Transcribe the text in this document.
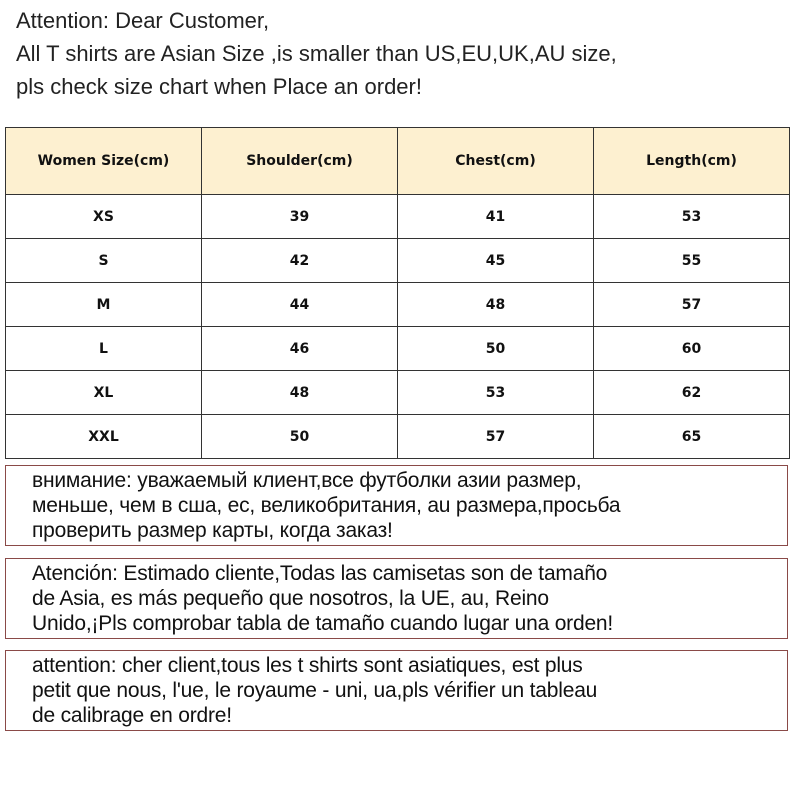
Attention: Dear Customer,
All T shirts are Asian Size ,is smaller than US,EU,UK,AU size,
pls check size chart when Place an order!
Women Size(cm)	Shoulder(cm)	Chest(cm)	Length(cm)
XS	39	41	53
S	42	45	55
M	44	48	57
L	46	50	60
XL	48	53	62
XXL	50	57	65
внимание: уважаемый клиент,все футболки азии размер,
меньше, чем в сша, ес, великобритания, au размера,просьба
проверить размер карты, когда заказ!
Atención: Estimado cliente,Todas las camisetas son de tamaño
de Asia, es más pequeño que nosotros, la UE, au, Reino
Unido,¡Pls comprobar tabla de tamaño cuando lugar una orden!
attention: cher client,tous les t shirts sont asiatiques, est plus
petit que nous, l'ue, le royaume - uni, ua,pls vérifier un tableau
de calibrage en ordre!
